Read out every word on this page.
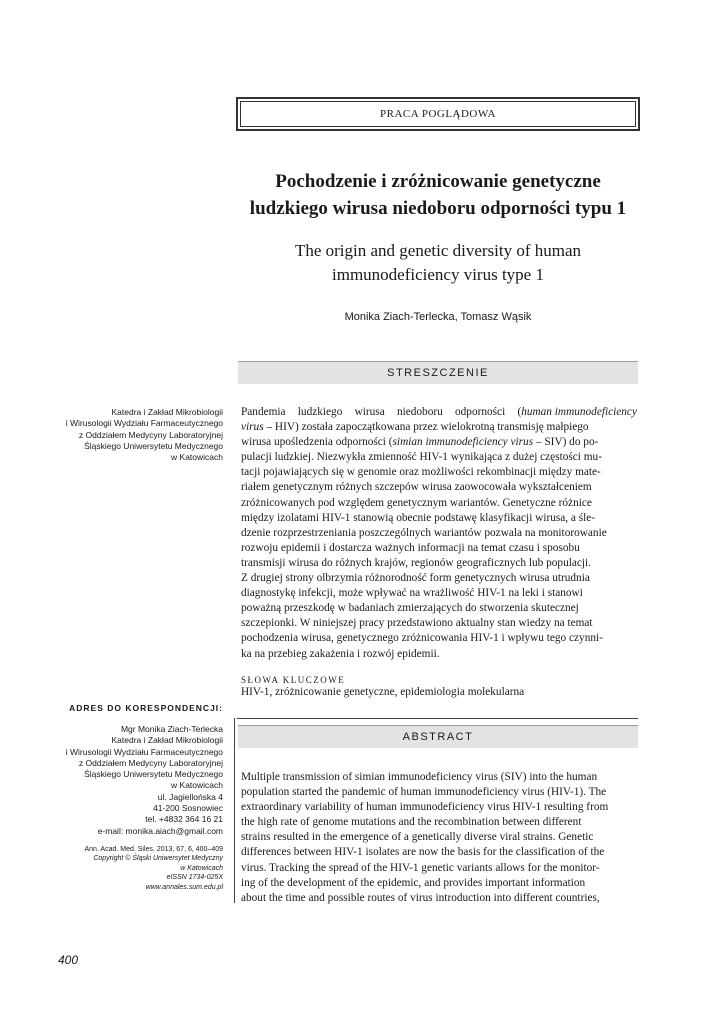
PRACA POGLĄDOWA
Pochodzenie i zróżnicowanie genetyczne
ludzkiego wirusa niedoboru odporności typu 1
The origin and genetic diversity of human
immunodeficiency virus type 1
Monika Ziach-Terlecka, Tomasz Wąsik
STRESZCZENIE
Katedra i Zakład Mikrobiologii
i Wirusologii Wydziału Farmaceutycznego
z Oddziałem Medycyny Laboratoryjnej
Śląskiego Uniwersytetu Medycznego
w Katowicach
Pandemia ludzkiego wirusa niedoboru odporności (human immunodeficiency
virus – HIV) została zapoczątkowana przez wielokrotną transmisję małpiego
wirusa upośledzenia odporności (simian immunodeficiency virus – SIV) do po-
pulacji ludzkiej. Niezwykła zmienność HIV-1 wynikająca z dużej częstości mu-
tacji pojawiających się w genomie oraz możliwości rekombinacji między mate-
riałem genetycznym różnych szczepów wirusa zaowocowała wykształceniem
zróżnicowanych pod względem genetycznym wariantów. Genetyczne różnice
między izolatami HIV-1 stanowią obecnie podstawę klasyfikacji wirusa, a śle-
dzenie rozprzestrzeniania poszczególnych wariantów pozwala na monitorowanie
rozwoju epidemii i dostarcza ważnych informacji na temat czasu i sposobu
transmisji wirusa do różnych krajów, regionów geograficznych lub populacji.
Z drugiej strony olbrzymia różnorodność form genetycznych wirusa utrudnia
diagnostykę infekcji, może wpływać na wrażliwość HIV-1 na leki i stanowi
poważną przeszkodę w badaniach zmierzających do stworzenia skutecznej
szczepionki. W niniejszej pracy przedstawiono aktualny stan wiedzy na temat
pochodzenia wirusa, genetycznego zróżnicowania HIV-1 i wpływu tego czynni-
ka na przebieg zakażenia i rozwój epidemii.
SŁOWA KLUCZOWE
HIV-1, zróżnicowanie genetyczne, epidemiologia molekularna
ADRES DO KORESPONDENCJI:
Mgr Monika Ziach-Terlecka
Katedra i Zakład Mikrobiologii
i Wirusologii Wydziału Farmaceutycznego
z Oddziałem Medycyny Laboratoryjnej
Śląskiego Uniwersytetu Medycznego
w Katowicach
ul. Jagiellońska 4
41-200 Sosnowiec
tel. +4832 364 16 21
e-mail: monika.aiach@gmail.com
Ann. Acad. Med. Siles. 2013, 67, 6, 400–409
Copyright © Śląski Uniwersytet Medyczny
w Katowicach
eISSN 1734-025X
www.annales.sum.edu.pl
ABSTRACT
Multiple transmission of simian immunodeficiency virus (SIV) into the human
population started the pandemic of human immunodeficiency virus (HIV-1). The
extraordinary variability of human immunodeficiency virus HIV-1 resulting from
the high rate of genome mutations and the recombination between different
strains resulted in the emergence of a genetically diverse viral strains. Genetic
differences between HIV-1 isolates are now the basis for the classification of the
virus. Tracking the spread of the HIV-1 genetic variants allows for the monitor-
ing of the development of the epidemic, and provides important information
about the time and possible routes of virus introduction into different countries,
400
